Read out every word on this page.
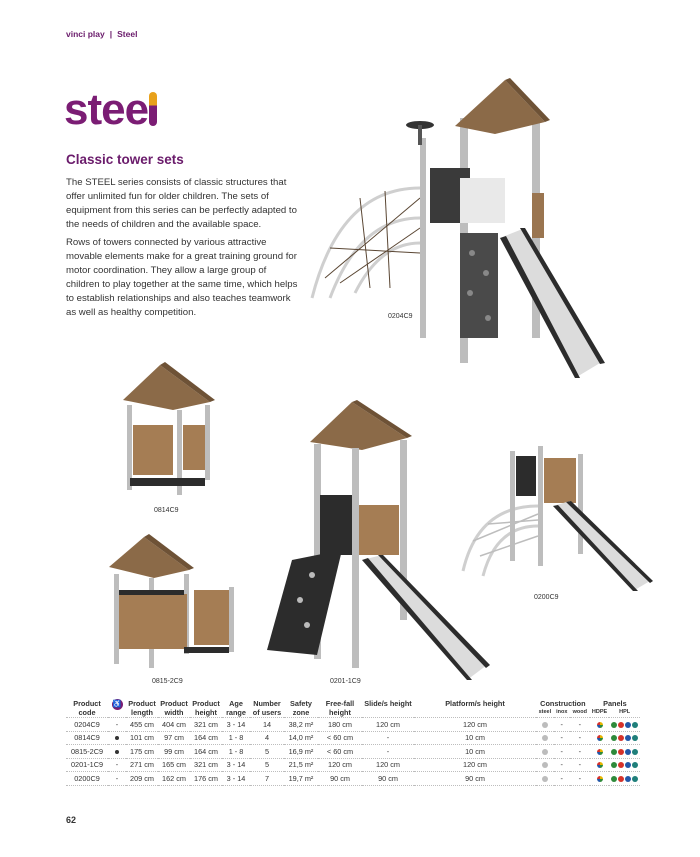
vinci play | Steel
stee
Classic tower sets

The STEEL series consists of classic structures that offer unlimited fun for older children. The sets of equipment from this series can be perfectly adapted to the needs of children and the available space.

Rows of towers connected by various attractive movable elements make for a great training ground for motor coordination. They allow a large group of children to play together at the same time, which helps to establish relationships and also teaches teamwork as well as healthy competition.	0204C9
0814C9
0815-2C9	0201-1C9
0200C9
Product code	♿	Product length	Product width	Product height	Age range	Number of users	Safety zone	Free-fall height	Slide/s height	Platform/s height	Construction			Panels	
											steel	inox	wood	HDPE	HPL
0204C9	-	455 cm	404 cm	321 cm	3 - 14	14	38,2 m²	180 cm	120 cm	120 cm		-	-		

0814C9		101 cm	97 cm	164 cm	1 - 8	4	14,0 m²	< 60 cm	-	10 cm		-	-		

0815-2C9		175 cm	99 cm	164 cm	1 - 8	5	16,9 m²	< 60 cm	-	10 cm		-	-		

0201-1C9	-	271 cm	165 cm	321 cm	3 - 14	5	21,5 m²	120 cm	120 cm	120 cm		-	-		

0200C9	-	209 cm	162 cm	176 cm	3 - 14	7	19,7 m²	90 cm	90 cm	90 cm		-	-		
62
